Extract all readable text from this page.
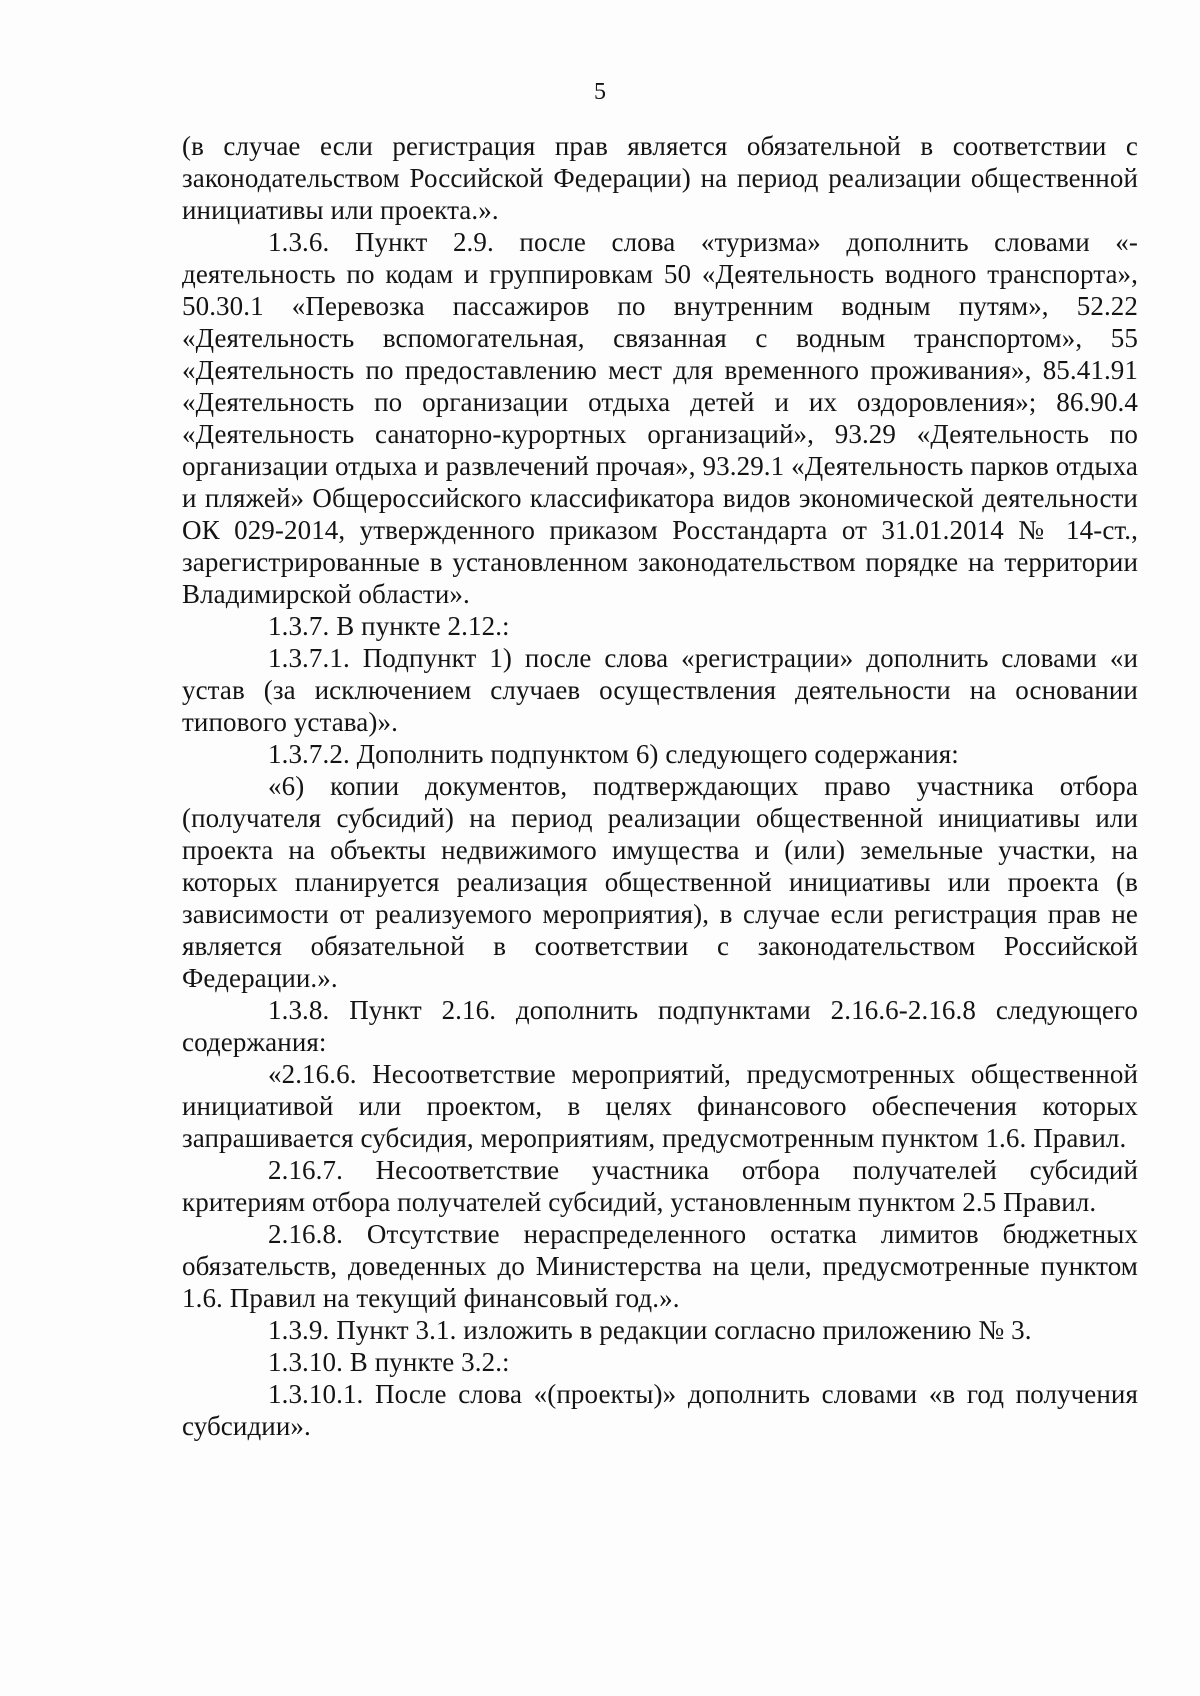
5

(в случае если регистрация прав является обязательной в соответствии с законодательством Российской Федерации) на период реализации общественной инициативы или проекта.».

1.3.6. Пункт 2.9. после слова «туризма» дополнить словами «- деятельность по кодам и группировкам 50 «Деятельность водного транспорта», 50.30.1 «Перевозка пассажиров по внутренним водным путям», 52.22 «Деятельность вспомогательная, связанная с водным транспортом», 55 «Деятельность по предоставлению мест для временного проживания», 85.41.91 «Деятельность по организации отдыха детей и их оздоровления»; 86.90.4 «Деятельность санаторно-курортных организаций», 93.29 «Деятельность по организации отдыха и развлечений прочая», 93.29.1 «Деятельность парков отдыха и пляжей» Общероссийского классификатора видов экономической деятельности ОК 029-2014, утвержденного приказом Росстандарта от 31.01.2014 № 14-ст., зарегистрированные в установленном законодательством порядке на территории Владимирской области».

1.3.7. В пункте 2.12.:

1.3.7.1. Подпункт 1) после слова «регистрации» дополнить словами «и устав (за исключением случаев осуществления деятельности на основании типового устава)».

1.3.7.2. Дополнить подпунктом 6) следующего содержания:

«6) копии документов, подтверждающих право участника отбора (получателя субсидий) на период реализации общественной инициативы или проекта на объекты недвижимого имущества и (или) земельные участки, на которых планируется реализация общественной инициативы или проекта (в зависимости от реализуемого мероприятия), в случае если регистрация прав не является обязательной в соответствии с законодательством Российской Федерации.».

1.3.8. Пункт 2.16. дополнить подпунктами 2.16.6-2.16.8 следующего содержания:

«2.16.6. Несоответствие мероприятий, предусмотренных общественной инициативой или проектом, в целях финансового обеспечения которых запрашивается субсидия, мероприятиям, предусмотренным пунктом 1.6. Правил.

2.16.7. Несоответствие участника отбора получателей субсидий критериям отбора получателей субсидий, установленным пунктом 2.5 Правил.

2.16.8. Отсутствие нераспределенного остатка лимитов бюджетных обязательств, доведенных до Министерства на цели, предусмотренные пунктом 1.6. Правил на текущий финансовый год.».

1.3.9. Пункт 3.1. изложить в редакции согласно приложению № 3.

1.3.10. В пункте 3.2.:

1.3.10.1. После слова «(проекты)» дополнить словами «в год получения субсидии».
